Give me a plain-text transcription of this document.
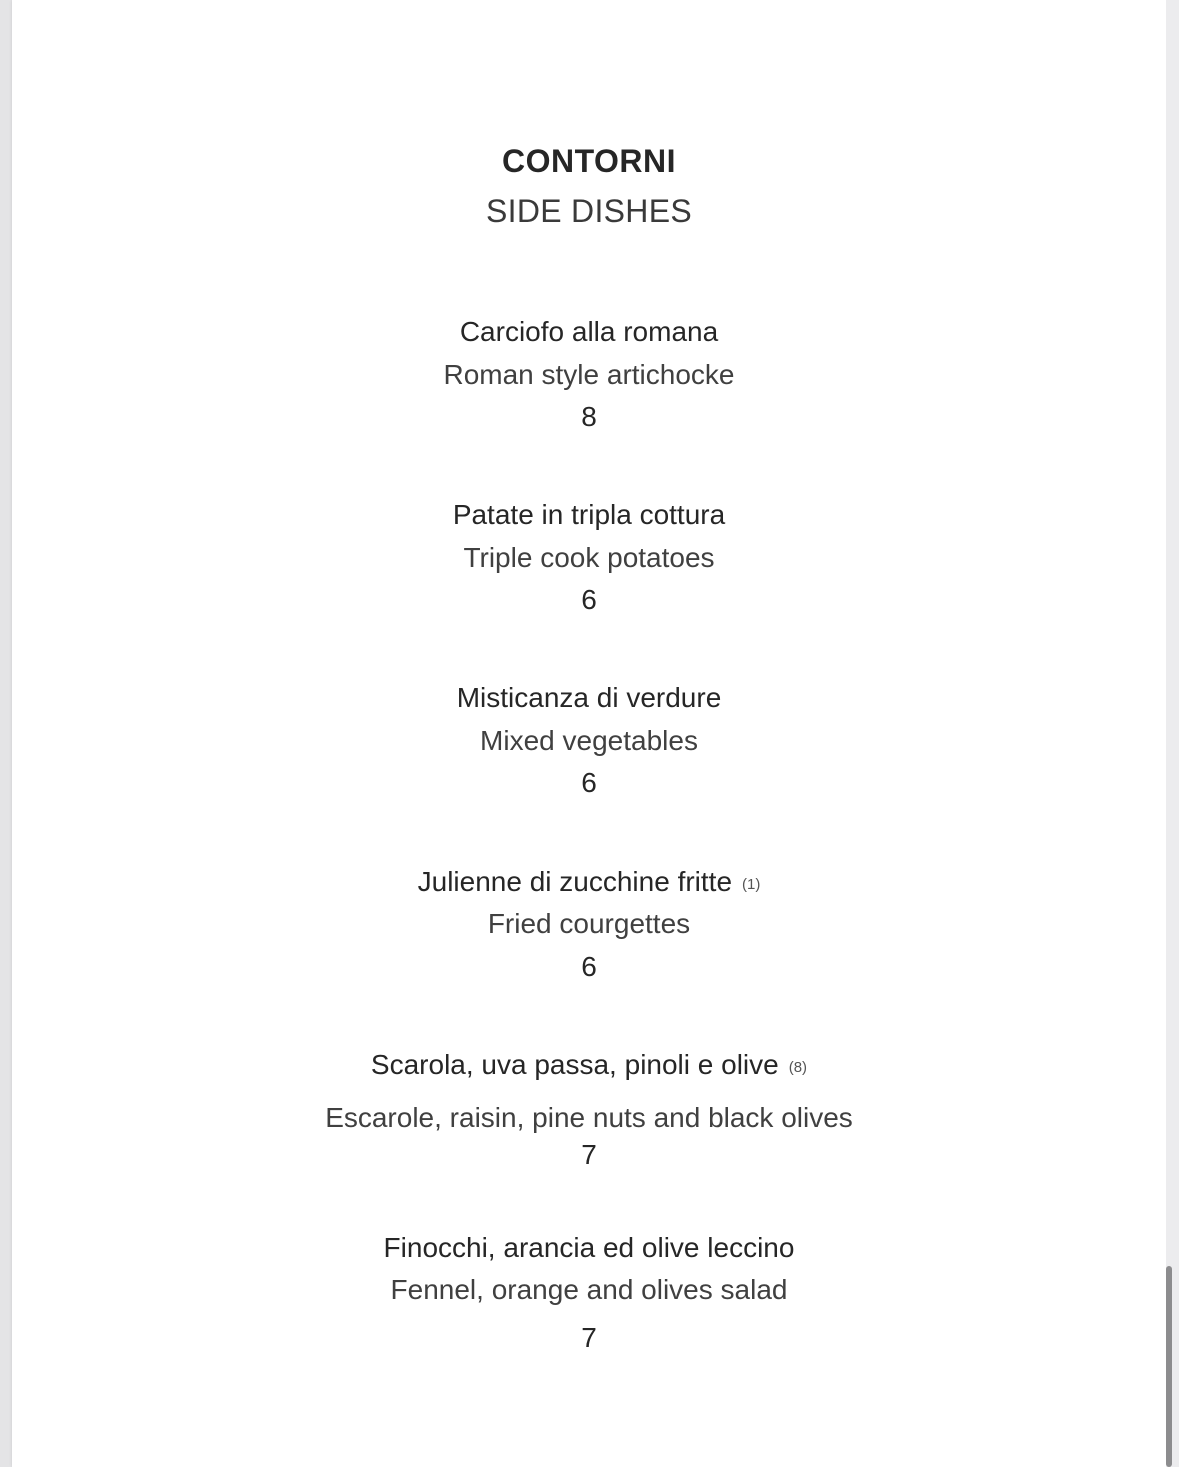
CONTORNI
SIDE DISHES
Carciofo alla romana
Roman style artichocke
8
Patate in tripla cottura
Triple cook potatoes
6
Misticanza di verdure
Mixed vegetables
6
Julienne di zucchine fritte (1)
Fried courgettes
6
Scarola, uva passa, pinoli e olive (8)
Escarole, raisin, pine nuts and black olives
7
Finocchi, arancia ed olive leccino
Fennel, orange and olives salad
7
